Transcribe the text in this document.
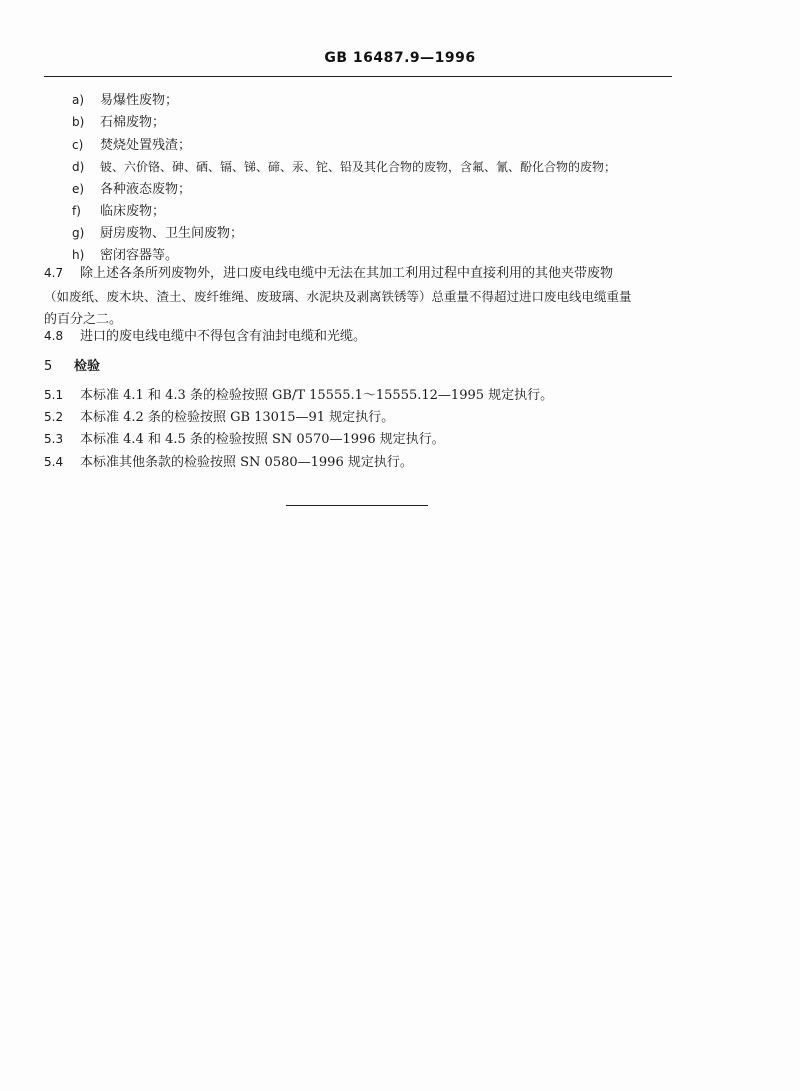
GB 16487.9—1996
a) 易爆性废物；
b) 石棉废物；
c) 焚烧处置残渣；
d) 铍、六价铬、砷、硒、镉、锑、碲、汞、铊、铅及其化合物的废物，含氟、氰、酚化合物的废物；
e) 各种液态废物；
f) 临床废物；
g) 厨房废物、卫生间废物；
h) 密闭容器等。
4.7 除上述各条所列废物外，进口废电线电缆中无法在其加工利用过程中直接利用的其他夹带废物
（如废纸、废木块、渣土、废纤维绳、废玻璃、水泥块及剥离铁锈等）总重量不得超过进口废电线电缆重量
的百分之二。
4.8 进口的废电线电缆中不得包含有油封电缆和光缆。
5 检验
5.1 本标准 4.1 和 4.3 条的检验按照 GB/T 15555.1～15555.12—1995 规定执行。
5.2 本标准 4.2 条的检验按照 GB 13015—91 规定执行。
5.3 本标准 4.4 和 4.5 条的检验按照 SN 0570—1996 规定执行。
5.4 本标准其他条款的检验按照 SN 0580—1996 规定执行。
